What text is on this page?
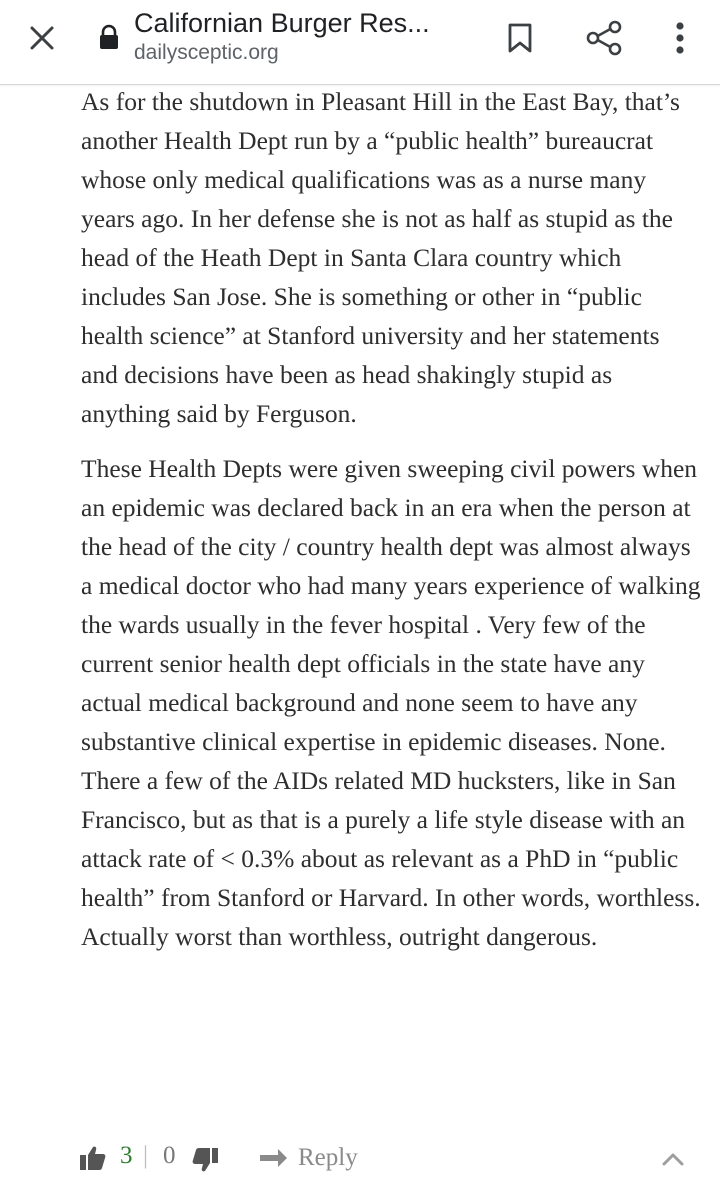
Californian Burger Res...
dailysceptic.org

As for the shutdown in Pleasant Hill in the East Bay, that’s another Health Dept run by a “public health” bureaucrat whose only medical qualifications was as a nurse many years ago. In her defense she is not as half as stupid as the head of the Heath Dept in Santa Clara country which includes San Jose. She is something or other in “public health science” at Stanford university and her statements and decisions have been as head shakingly stupid as anything said by Ferguson.

These Health Depts were given sweeping civil powers when an epidemic was declared back in an era when the person at the head of the city / country health dept was almost always a medical doctor who had many years experience of walking the wards usually in the fever hospital . Very few of the current senior health dept officials in the state have any actual medical background and none seem to have any substantive clinical expertise in epidemic diseases. None. There a few of the AIDs related MD hucksters, like in San Francisco, but as that is a purely a life style disease with an attack rate of < 0.3% about as relevant as a PhD in “public health” from Stanford or Harvard. In other words, worthless. Actually worst than worthless, outright dangerous.

3 | 0	Reply
